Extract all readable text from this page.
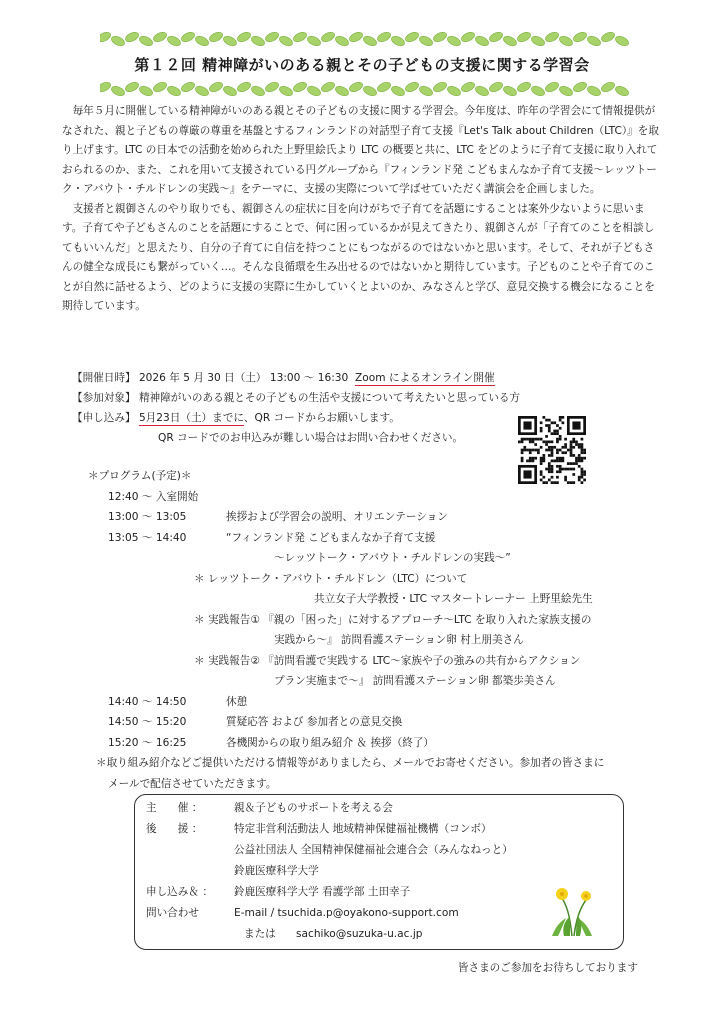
第１２回 精神障がいのある親とその子どもの支援に関する学習会

毎年５月に開催している精神障がいのある親とその子どもの支援に関する学習会。今年度は、昨年の学習会にて情報提供がなされた、親と子どもの尊厳の尊重を基盤とするフィンランドの対話型子育て支援『Let's Talk about Children（LTC）』を取り上げます。LTC の日本での活動を始められた上野里絵氏より LTC の概要と共に、LTC をどのように子育て支援に取り入れておられるのか、また、これを用いて支援されている円グループから『フィンランド発 こどもまんなか子育て支援～レッツトーク・アバウト・チルドレンの実践～』をテーマに、支援の実際について学ばせていただく講演会を企画しました。

支援者と親御さんのやり取りでも、親御さんの症状に目を向けがちで子育てを話題にすることは案外少ないように思います。子育てや子どもさんのことを話題にすることで、何に困っているかが見えてきたり、親御さんが「子育てのことを相談してもいいんだ」と思えたり、自分の子育てに自信を持つことにもつながるのではないかと思います。そして、それが子どもさんの健全な成長にも繋がっていく…。そんな良循環を生み出せるのではないかと期待しています。子どものことや子育てのことが自然に話せるよう、どのように支援の実際に生かしていくとよいのか、みなさんと学び、意見交換する機会になることを期待しています。

【開催日時】 2026 年 5 月 30 日（土） 13:00 ～ 16:30 Zoom によるオンライン開催
【参加対象】 精神障がいのある親とその子どもの生活や支援について考えたいと思っている方
【申し込み】 5月23日（土）までに、QR コードからお願いします。
QR コードでのお申込みが難しい場合はお問い合わせください。
＊プログラム(予定)＊
12:40 ～ 入室開始
13:00 ～ 13:05	挨拶および学習会の説明、オリエンテーション
13:05 ～ 14:40	“フィンランド発 こどもまんなか子育て支援
～レッツトーク・アバウト・チルドレンの実践～”
＊ レッツトーク・アバウト・チルドレン（LTC）について
共立女子大学教授・LTC マスタートレーナー 上野里絵先生
＊ 実践報告① 『親の「困った」に対するアプローチ～LTC を取り入れた家族支援の
実践から～』 訪問看護ステーション卵 村上朋美さん
＊ 実践報告② 『訪問看護で実践する LTC～家族や子の強みの共有からアクション
プラン実施まで～』 訪問看護ステーション卵 都築歩美さん
14:40 ～ 14:50	休憩
14:50 ～ 15:20	質疑応答 および 参加者との意見交換
15:20 ～ 16:25	各機関からの取り組み紹介 ＆ 挨拶（終了）
＊取り組み紹介などご提供いただける情報等がありましたら、メールでお寄せください。参加者の皆さまに
メールで配信させていただきます。
主　　催 ：	親＆子どものサポートを考える会
後　　援 ：	特定非営利活動法人 地域精神保健福祉機構（コンボ）
公益社団法人 全国精神保健福祉会連合会（みんなねっと）
鈴鹿医療科学大学
申し込み＆ ： 鈴鹿医療科学大学 看護学部 土田幸子
問い合わせ	E-mail / tsuchida.p@oyakono-support.com
または sachiko@suzuka-u.ac.jp
皆さまのご参加をお待ちしております
